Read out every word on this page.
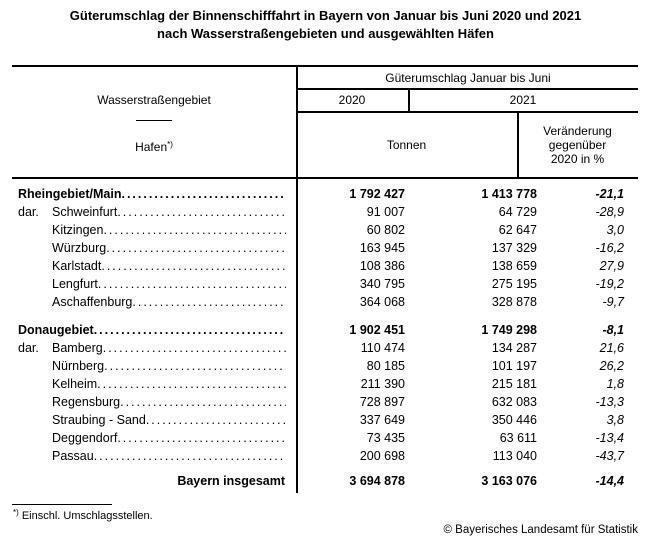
Güterumschlag der Binnenschifffahrt in Bayern von Januar bis Juni 2020 und 2021
nach Wasserstraßengebieten und ausgewählten Häfen
Wasserstraßengebiet
Hafen*)
Güterumschlag Januar bis Juni
2020	2021
Tonnen
Veränderung
gegenüber
2020 in %
Rheingebiet/Main .....	1 792 427	1 413 778	-21,1
dar.	Schweinfurt .....	91 007	64 729	-28,9
Kitzingen .....	60 802	62 647	3,0
Würzburg .....	163 945	137 329	-16,2
Karlstadt .....	108 386	138 659	27,9
Lengfurt .....	340 795	275 195	-19,2
Aschaffenburg .....	364 068	328 878	-9,7
Donaugebiet .....	1 902 451	1 749 298	-8,1
dar.	Bamberg .....	110 474	134 287	21,6
Nürnberg .....	80 185	101 197	26,2
Kelheim .....	211 390	215 181	1,8
Regensburg .....	728 897	632 083	-13,3
Straubing - Sand .....	337 649	350 446	3,8
Deggendorf .....	73 435	63 611	-13,4
Passau .....	200 698	113 040	-43,7
Bayern insgesamt	3 694 878	3 163 076	-14,4
*) Einschl. Umschlagsstellen.
© Bayerisches Landesamt für Statistik
